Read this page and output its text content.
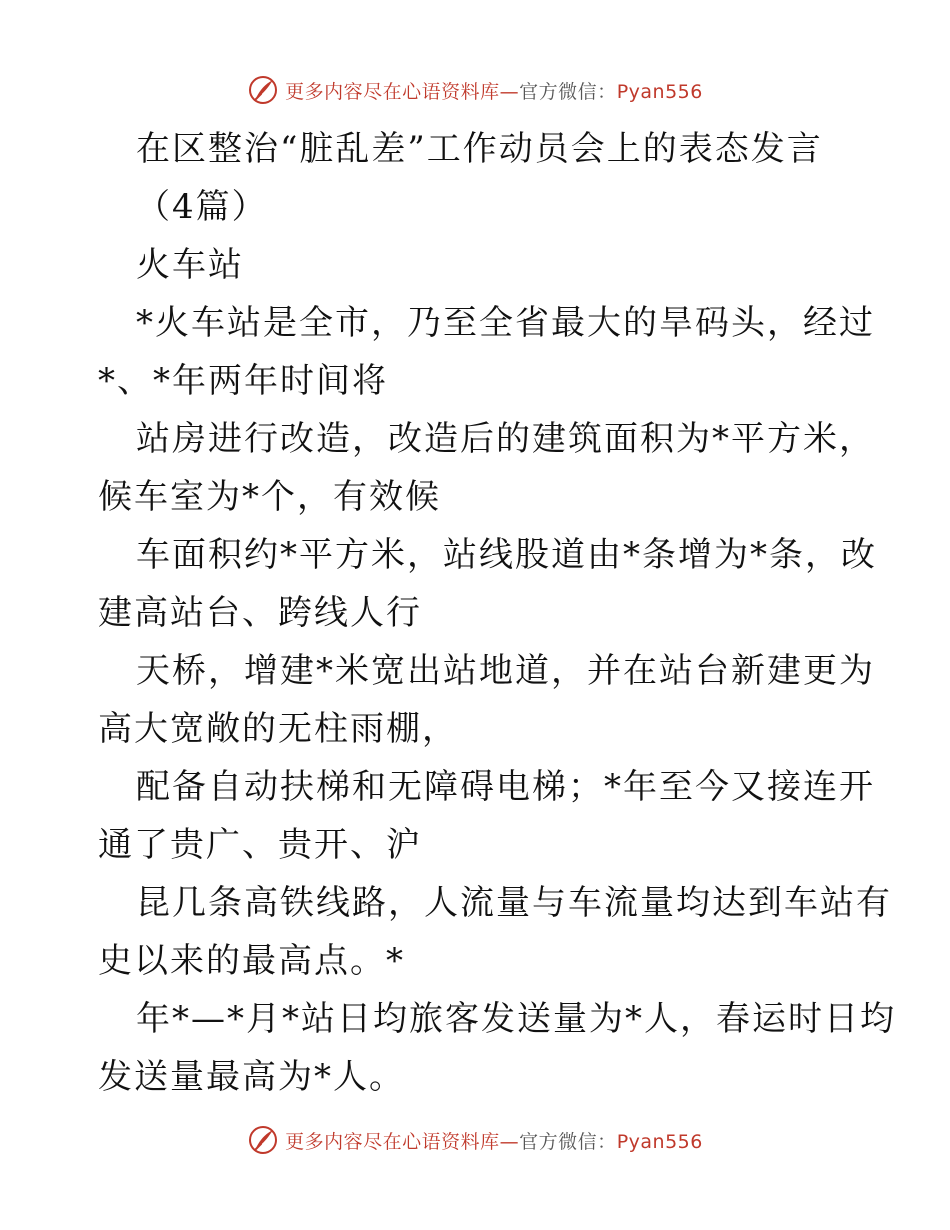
更多内容尽在心语资料库—官方微信：Pyan556
在区整治“脏乱差”工作动员会上的表态发言
（4篇）
火车站
*火车站是全市，乃至全省最大的旱码头，经过
*、*年两年时间将
站房进行改造，改造后的建筑面积为*平方米，
候车室为*个，有效候
车面积约*平方米，站线股道由*条增为*条，改
建高站台、跨线人行
天桥，增建*米宽出站地道，并在站台新建更为
高大宽敞的无柱雨棚，
配备自动扶梯和无障碍电梯；*年至今又接连开
通了贵广、贵开、沪
昆几条高铁线路，人流量与车流量均达到车站有
史以来的最高点。*
年*—*月*站日均旅客发送量为*人，春运时日均
发送量最高为*人。
更多内容尽在心语资料库—官方微信：Pyan556
